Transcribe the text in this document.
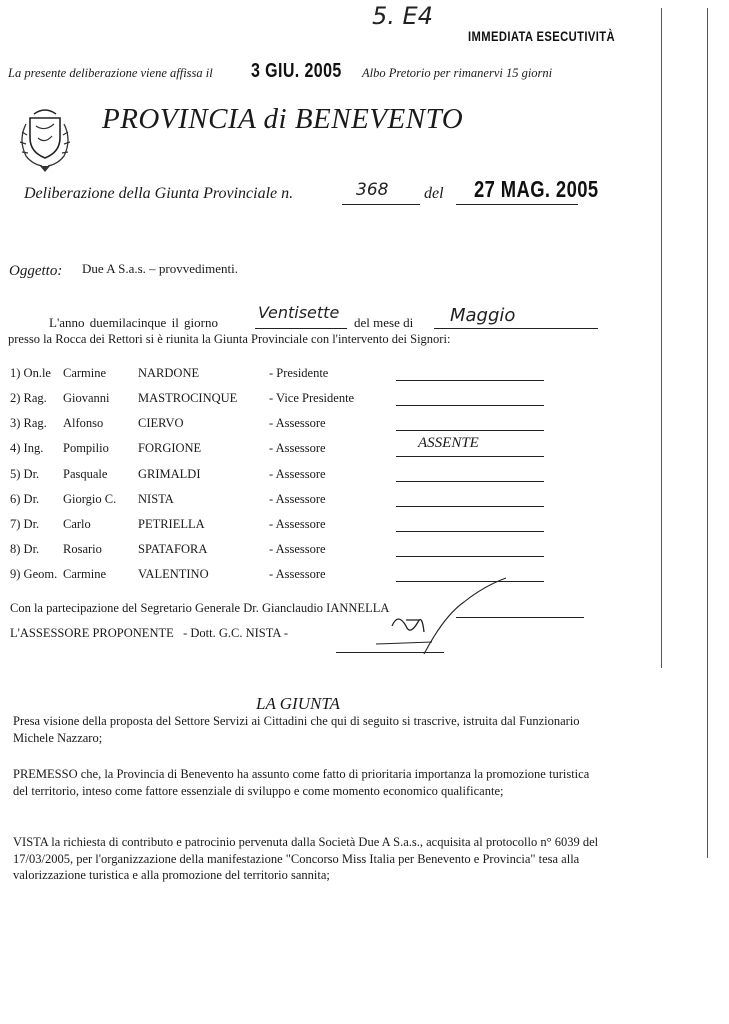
5. E4
IMMEDIATA ESECUTIVITÀ
La presente deliberazione viene affissa il 3 GIU. 2005 Albo Pretorio per rimanervi 15 giorni
PROVINCIA di BENEVENTO
Deliberazione della Giunta Provinciale n.	368 del 27 MAG. 2005
Oggetto: Due A S.a.s. – provvedimenti.
L'anno duemilacinque il giorno
Ventisette
del mese di Maggio
presso la Rocca dei Rettori si è riunita la Giunta Provinciale con l'intervento dei Signori:
1) On.le Carmine	NARDONE	- Presidente
2) Rag. Giovanni MASTROCINQUE	- Vice Presidente
3) Rag. Alfonso	CIERVO	- Assessore
4) Ing. Pompilio FORGIONE	- Assessore	ASSENTE
5) Dr. Pasquale GRIMALDI	- Assessore
6) Dr. Giorgio C. NISTA	- Assessore
7) Dr. Carlo	PETRIELLA	- Assessore
8) Dr. Rosario	SPATAFORA	- Assessore
9) Geom. Carmine	VALENTINO	- Assessore
Con la partecipazione del Segretario Generale Dr. Gianclaudio IANNELLA
L'ASSESSORE PROPONENTE   - Dott. G.C. NISTA -
LA GIUNTA
Presa visione della proposta del Settore Servizi ai Cittadini che qui di seguito si trascrive, istruita dal Funzionario Michele Nazzaro;
PREMESSO che, la Provincia di Benevento ha assunto come fatto di prioritaria importanza la promozione turistica del territorio, inteso come fattore essenziale di sviluppo e come momento economico qualificante;
VISTA la richiesta di contributo e patrocinio pervenuta dalla Società Due A S.a.s., acquisita al protocollo n° 6039 del 17/03/2005, per l'organizzazione della manifestazione "Concorso Miss Italia per Benevento e Provincia" tesa alla valorizzazione turistica e alla promozione del territorio sannita;
